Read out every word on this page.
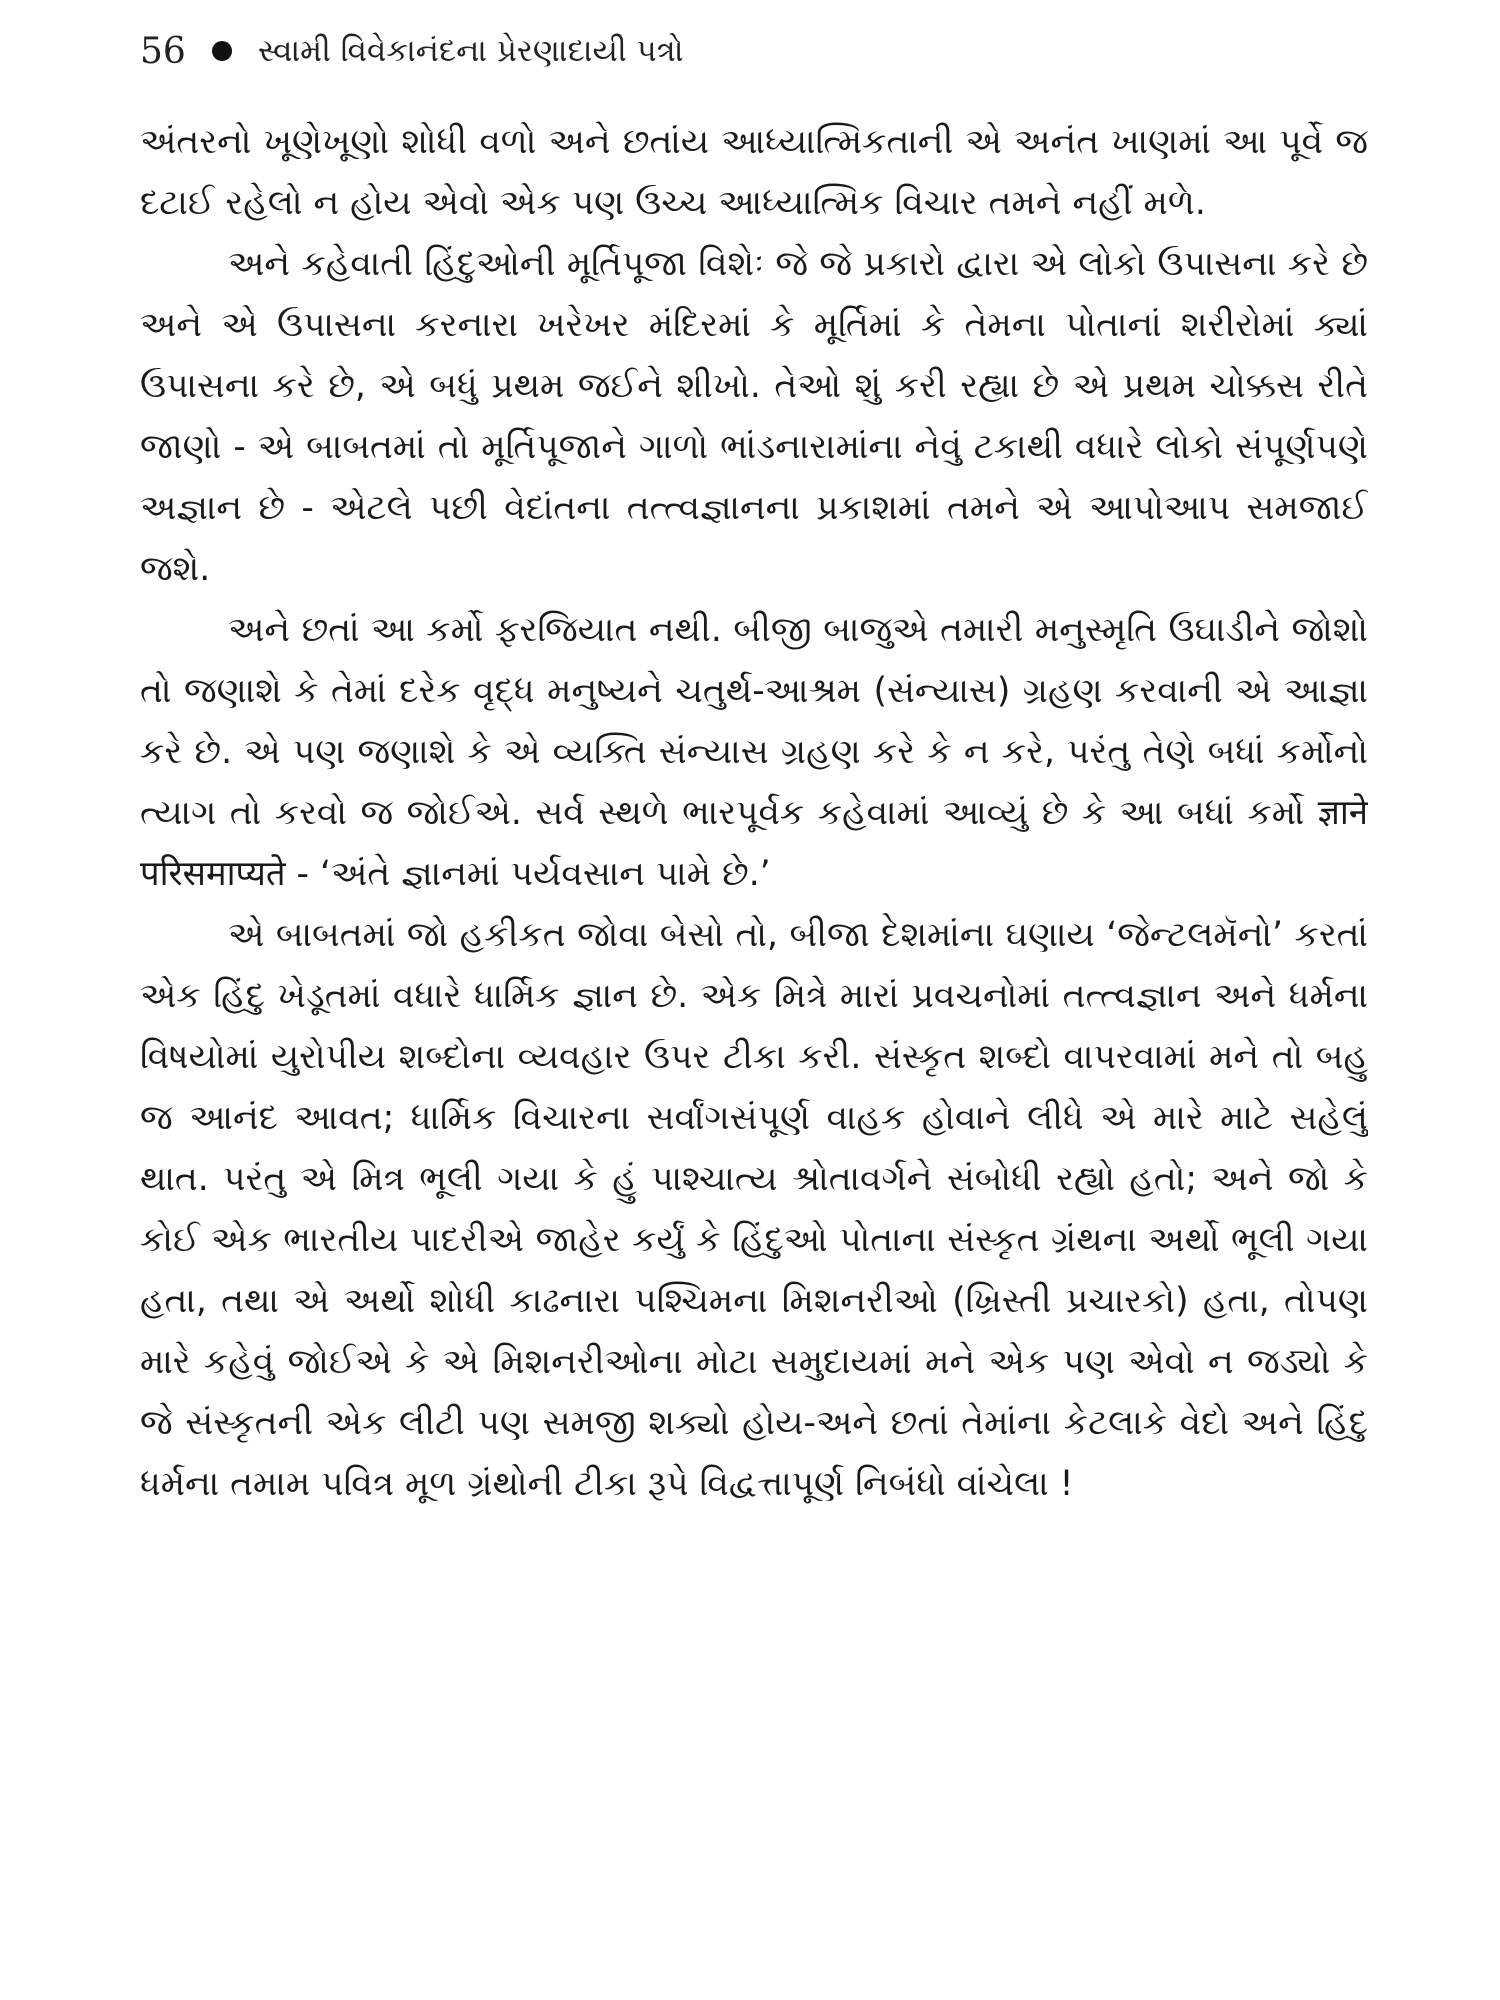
56 સ્વામી વિવેકાનંદના પ્રેરણાદાયી પત્રો

અંતરનો ખૂણેખૂણો શોધી વળો અને છતાંય આધ્યાત્મિકતાની એ અનંત ખાણમાં આ પૂર્વે જ દટાઈ રહેલો ન હોય એવો એક પણ ઉચ્ચ આધ્યાત્મિક વિચાર તમને નહીં મળે.

અને કહેવાતી હિંદુઓની મૂર્તિપૂજા વિશેઃ જે જે પ્રકારો દ્વારા એ લોકો ઉપાસના કરે છે અને એ ઉપાસના કરનારા ખરેખર મંદિરમાં કે મૂર્તિમાં કે તેમના પોતાનાં શરીરોમાં ક્યાં ઉપાસના કરે છે, એ બધું પ્રથમ જઈને શીખો. તેઓ શું કરી રહ્યા છે એ પ્રથમ ચોક્કસ રીતે જાણો - એ બાબતમાં તો મૂર્તિપૂજાને ગાળો ભાંડનારામાંના નેવું ટકાથી વધારે લોકો સંપૂર્ણપણે અજ્ઞાન છે - એટલે પછી વેદાંતના તત્ત્વજ્ઞાનના પ્રકાશમાં તમને એ આપોઆપ સમજાઈ જશે.

અને છતાં આ કર્મો ફરજિયાત નથી. બીજી બાજુએ તમારી મનુસ્મૃતિ ઉઘાડીને જોશો તો જણાશે કે તેમાં દરેક વૃદ્ધ મનુષ્યને ચતુર્થ-આશ્રમ (સંન્યાસ) ગ્રહણ કરવાની એ આજ્ઞા કરે છે. એ પણ જણાશે કે એ વ્યક્તિ સંન્યાસ ગ્રહણ કરે કે ન કરે, પરંતુ તેણે બધાં કર્મોનો ત્યાગ તો કરવો જ જોઈએ. સર્વ સ્થળે ભારપૂર્વક કહેવામાં આવ્યું છે કે આ બધાં કર્મો ज्ञाने परिसमाप्यते - ‘અંતે જ્ઞાનમાં પર્યવસાન પામે છે.’

એ બાબતમાં જો હકીકત જોવા બેસો તો, બીજા દેશમાંના ઘણાય ‘જેન્ટલમૅનો’ કરતાં એક હિંદુ ખેડૂતમાં વધારે ધાર્મિક જ્ઞાન છે. એક મિત્રે મારાં પ્રવચનોમાં તત્ત્વજ્ઞાન અને ધર્મના વિષયોમાં યુરોપીય શબ્દોના વ્યવહાર ઉપર ટીકા કરી. સંસ્કૃત શબ્દો વાપરવામાં મને તો બહુ જ આનંદ આવત; ધાર્મિક વિચારના સર્વાંગસંપૂર્ણ વાહક હોવાને લીધે એ મારે માટે સહેલું થાત. પરંતુ એ મિત્ર ભૂલી ગયા કે હું પાશ્ચાત્ય શ્રોતાવર્ગને સંબોધી રહ્યો હતો; અને જો કે કોઈ એક ભારતીય પાદરીએ જાહેર કર્યું કે હિંદુઓ પોતાના સંસ્કૃત ગ્રંથના અર્થો ભૂલી ગયા હતા, તથા એ અર્થો શોધી કાઢનારા પશ્ચિમના મિશનરીઓ (ખ્રિસ્તી પ્રચારકો) હતા, તોપણ મારે કહેવું જોઈએ કે એ મિશનરીઓના મોટા સમુદાયમાં મને એક પણ એવો ન જડ્યો કે જે સંસ્કૃતની એક લીટી પણ સમજી શક્યો હોય-અને છતાં તેમાંના કેટલાકે વેદો અને હિંદુ ધર્મના તમામ પવિત્ર મૂળ ગ્રંથોની ટીકા રૂપે વિદ્વત્તાપૂર્ણ નિબંધો વાંચેલા !
